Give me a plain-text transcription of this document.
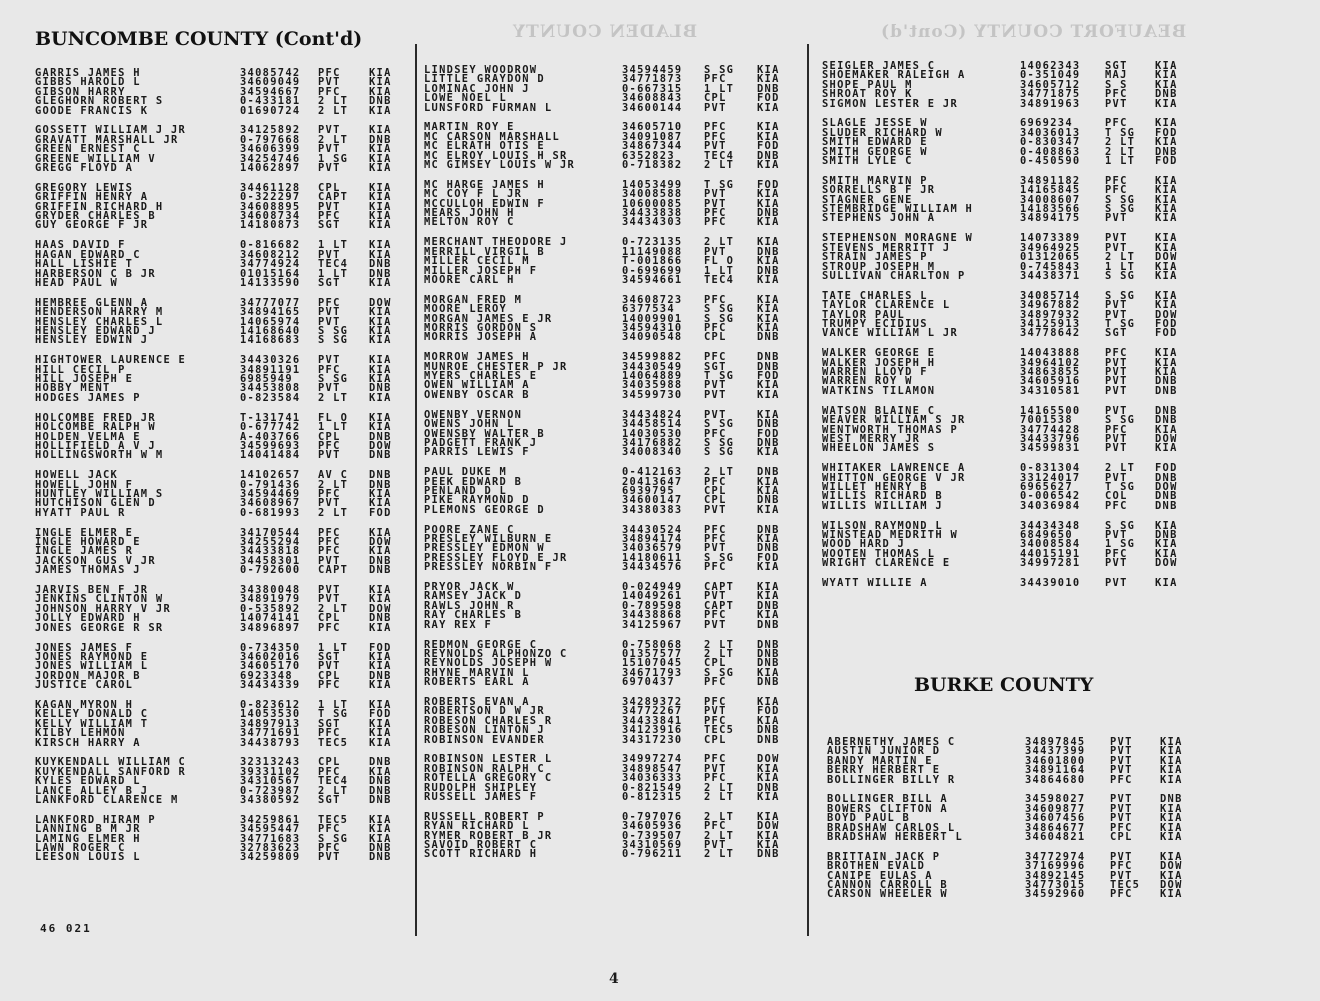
BLADEN COUNTY	BEAUFORT COUNTY (Cont'd)
BUNCOMBE COUNTY (Cont'd)
BURKE COUNTY
GARRIS JAMES H	34085742 PFC	KIA
GIBBS HAROLD L	34609049 PVT	KIA
GIBSON HARRY	34594667 PFC	KIA
GLEGHORN ROBERT S	0-433181 2 LT DNB
GOODE FRANCIS K	01690724 2 LT KIA
GOSSETT WILLIAM J JR	34125892 PVT	KIA
GRAVATT MARSHALL JR	0-797668 2 LT DNB
GREEN ERNEST C	34606399 PVT	KIA
GREENE WILLIAM V	34254746 1 SG KIA
GREGG FLOYD A	14062897 PVT	KIA
GREGORY LEWIS	34461128 CPL	KIA
GRIFFIN HENRY A	0-322297 CAPT KIA
GRIFFIN RICHARD H	34608895 PVT	KIA
GRYDER CHARLES B	34608734 PFC	KIA
GUY GEORGE F JR	14180873 SGT	KIA
HAAS DAVID F	0-816682 1 LT KIA
HAGAN EDWARD C	34608212 PVT	KIA
HALL LISHIE T	34774924 TEC4 DNB
HARBERSON C B JR	01015164 1 LT DNB
HEAD PAUL W	14133590 SGT	KIA
HEMBREE GLENN A	34777077 PFC	DOW
HENDERSON HARRY M	34894165 PVT	KIA
HENSLEY CHARLES L	14065974 PVT	KIA
HENSLEY EDWARD J	14168640 S SG KIA
HENSLEY EDWIN J	14168683 S SG KIA
HIGHTOWER LAURENCE E	34430326 PVT	KIA
HILL CECIL P	34891191 PFC	KIA
HILL JOSEPH E	6985949 S SG KIA
HOBBY MENT	34453808 PVT	DNB
HODGES JAMES P	0-823584 2 LT KIA
HOLCOMBE FRED JR	T-131741 FL O KIA
HOLCOMBE RALPH W	0-677742 1 LT KIA
HOLDEN VELMA E	A-403766 CPL	DNB
HOLLIFIELD A V J	34599693 PFC	DOW
HOLLINGSWORTH W M	14041484 PVT	DNB
HOWELL JACK	14102657 AV C DNB
HOWELL JOHN F	0-791436 2 LT DNB
HUNTLEY WILLIAM S	34594469 PFC	KIA
HUTCHISON GLEN D	34608967 PVT	KIA
HYATT PAUL R	0-681993 2 LT FOD
INGLE ELMER E	34170544 PFC	KIA
INGLE HOWARD E	34255294 PFC	DOW
INGLE JAMES R	34433818 PFC	KIA
JACKSON GUS V JR	34458301 PVT	DNB
JAMES THOMAS J	0-792600 CAPT DNB
JARVIS BEN F JR	34380048 PVT	KIA
JENKINS CLINTON W	34891979 PVT	KIA
JOHNSON HARRY V JR	0-535892 2 LT DOW
JOLLY EDWARD H	14074141 CPL	DNB
JONES GEORGE R SR	34896897 PFC	KIA
JONES JAMES F	0-734350 1 LT FOD
JONES RAYMOND E	34602016 SGT	KIA
JONES WILLIAM L	34605170 PVT	KIA
JORDON MAJOR B	6923348 CPL	DNB
JUSTICE CAROL	34434339 PFC	KIA
KAGAN MYRON H	0-823612 1 LT KIA
KELLEY DONALD C	14053530 T SG FOD
KELLY WILLIAM T	34897913 SGT	KIA
KILBY LEHMON	34771691 PFC	KIA
KIRSCH HARRY A	34438793 TEC5 KIA
KUYKENDALL WILLIAM C	32313243 CPL	DNB
KUYKENDALL SANFORD R	39331102 PFC	KIA
KYLES EDWARD L	34310567 TEC4 DNB
LANCE ALLEY B J	0-723987 2 LT DNB
LANKFORD CLARENCE M	34380592 SGT	DNB
LANKFORD HIRAM P	34259861 TEC5 KIA
LANNING B M JR	34595447 PFC	KIA
LAMING ELMER H	34771683 S SG KIA
LAWN ROGER C	32783623 PFC	DNB
LEESON LOUIS L	34259809 PVT	DNB
LINDSEY WOODROW	34594459 S SG KIA
LITTLE GRAYDON D	34771873 PFC	KIA
LOMINAC JOHN J	0-667315 1 LT DNB
LOWE NOEL L	34608843 CPL	FOD
LUNSFORD FURMAN L	34600144 PVT	KIA
MARTIN ROY E	34605710 PFC	KIA
MC CARSON MARSHALL	34091087 PFC	KIA
MC ELRATH OTIS E	34867344 PVT	FOD
MC ELROY LOUIS H SR	6352823	TEC4 DNB
MC GIMSEY LOUIS W JR	0-718382 2 LT KIA
MC HARGE JAMES H	14053499 T SG FOD
MC COY F L JR	34008588 PVT	KIA
MCCULLOH EDWIN F	10600085 PVT	KIA
MEARS JOHN H	34433838 PFC	DNB
MELTON ROY C	34434303 PFC	KIA
MERCHANT THEODORE J	0-723135 2 LT KIA
MERRILL VIRGIL B	11149088 PVT	DNB
MILLER CECIL M	T-001866 FL O KIA
MILLER JOSEPH F	0-699699 1 LT DNB
MOORE CARL H	34594661 TEC4 KIA
MORGAN FRED M	34608723 PFC	KIA
MOORE LEROY	6377534	S SG KIA
MORGAN JAMES E JR	14009901 S SG KIA
MORRIS GORDON S	34594310 PFC	KIA
MORRIS JOSEPH A	34090548 CPL	DNB
MORROW JAMES H	34599882 PFC	DNB
MUNROE CHESTER P JR	34430549 SGT	DNB
MYERS CHARLES E	14064889 T SG FOD
OWEN WILLIAM A	34035988 PVT	KIA
OWENBY OSCAR B	34599730 PVT	KIA
OWENBY VERNON	34434824 PVT	KIA
OWENS JOHN L	34458514 S SG DNB
OWENSBY WALTER B	14030530 PFC	FOD
PADGETT FRANK J	34176882 S SG DNB
PARRIS LEWIS F	34008340 S SG KIA
PAUL DUKE M	0-412163 2 LT DNB
PEEK EDWARD B	20413647 PFC	KIA
PENLAND D L	6939795	CPL	KIA
PIKE RAYMOND D	34600147 CPL	DNB
PLEMONS GEORGE D	34380383 PVT	KIA
POORE ZANE C	34430524 PFC	DNB
PRESLEY WILBURN E	34894174 PFC	KIA
PRESSLEY EDMON W	34036579 PVT	DNB
PRESSLEY FLOYD E JR	14180611 S SG FOD
PRESSLEY NORBIN F	34434576 PFC	KIA
PRYOR JACK W	0-024949 CAPT KIA
RAMSEY JACK D	14049261 PVT	KIA
RAWLS JOHN R	0-789598 CAPT DNB
RAY CHARLES B	34438868 PFC	KIA
RAY REX F	34125967 PVT	DNB
REDMON GEORGE C	0-758068 2 LT DNB
REYNOLDS ALPHONZO C	01357577 2 LT DNB
REYNOLDS JOSEPH W	15107045 CPL	DNB
RHYNE MARVIN L	34671793 S SG KIA
ROBERTS EARL A	6970437	PFC	DNB
ROBERTS EVAN A	34289372 PFC	KIA
ROBERTSON D W JR	34772267 PVT	FOD
ROBESON CHARLES R	34433841 PFC	KIA
ROBESON LINTON J	34123916 TEC5 DNB
ROBINSON EVANDER	34317230 CPL	DNB
ROBINSON LESTER L	34997274 PFC	DOW
ROBINSON RALPH C	34898547 PVT	KIA
ROTELLA GREGORY C	34036333 PFC	KIA
RUDOLPH SHIPLEY	0-821549 2 LT DNB
RUSSELL JAMES F	0-812315 2 LT KIA
RUSSELL ROBERT P	0-797076 2 LT KIA
RYAN RICHARD L	34605936 PFC	DOW
RYMER ROBERT B JR	0-739507 2 LT KIA
SAVOID ROBERT C	34310569 PVT	KIA
SCOTT RICHARD H	0-796211 2 LT DNB
SEIGLER JAMES C	14062343 SGT	KIA
SHOEMAKER RALEIGH A	0-351049 MAJ	KIA
SHOPE PAUL M	34605712 S S	KIA
SHROAT ROY K	34771875 PFC	DNB
SIGMON LESTER E JR	34891963 PVT	KIA
SLAGLE JESSE W	6969234	PFC	KIA
SLUDER RICHARD W	34036013 T SG FOD
SMITH EDWARD E	0-830347 2 LT KIA
SMITH GEORGE W	0-408863 2 LT DNB
SMITH LYLE C	0-450590 1 LT FOD
SMITH MARVIN P	34891182 PFC	KIA
SORRELLS B F JR	14165845 PFC	KIA
STAGNER GENE	34008607 S SG KIA
STEMBRIDGE WILLIAM H	14183566 S SG KIA
STEPHENS JOHN A	34894175 PVT	KIA
STEPHENSON MORAGNE W	14073389 PVT	KIA
STEVENS MERRITT J	34964925 PVT	KIA
STRAIN JAMES P	01312065 2 LT DOW
STROUP JOSEPH M	0-745843 1 LT KIA
SULLIVAN CHARLTON P	34438371 S SG KIA
TATE CHARLES L	34085714 S SG KIA
TAYLOR CLARENCE L	34967882 PVT	KIA
TAYLOR PAUL	34897932 PVT	DOW
TRUMPY ECIDIUS	34125913 T SG FOD
VANCE WILLIAM L JR	34778642 SGT	FOD
WALKER GEORGE E	14043888 PFC	KIA
WALKER JOSEPH H	34964102 PVT	KIA
WARREN LLOYD F	34863855 PVT	KIA
WARREN ROY W	34605916 PVT	DNB
WATKINS TILAMON	34310581 PVT	DNB
WATSON BLAINE C	14165500 PVT	DNB
WEAVER WILLIAM S JR	7001538	S SG DNB
WENTWORTH THOMAS P	34774428 PFC	KIA
WEST MERRY JR	34433796 PVT	DOW
WHEELON JAMES S	34599831 PVT	KIA
WHITAKER LAWRENCE A	0-831304 2 LT FOD
WHITTON GEORGE V JR	33124017 PVT	DNB
WILLET HENRY B	6965627	T SG DOW
WILLIS RICHARD B	0-006542 COL	DNB
WILLIS WILLIAM J	34036984 PFC	DNB
WILSON RAYMOND L	34434348 S SG KIA
WINSTEAD MEDRITH W	6849650	PVT	DNB
WOOD HARD J	34008584 1 SG KIA
WOOTEN THOMAS L	44015191 PFC	KIA
WRIGHT CLARENCE E	34997281 PVT	DOW
WYATT WILLIE A	34439010 PVT	KIA
ABERNETHY JAMES C	34897845 PVT	KIA
AUSTIN JUNIOR D	34437399 PVT	KIA
BANDY MARTIN E	34601800 PVT	KIA
BERRY HERBERT E	34891164 PVT	KIA
BOLLINGER BILLY R	34864680 PFC	KIA
BOLLINGER BILL A	34598027 PVT	DNB
BOWERS CLIFTON A	34609877 PVT	KIA
BOYD PAUL B	34607456 PVT	KIA
BRADSHAW CARLOS L	34864677 PFC	KIA
BRADSHAW HERBERT L	34604821 CPL	KIA
BRITTAIN JACK P	34772974 PVT	KIA
BROTHEN EVALD	37169996 PFC	DOW
CANIPE EULAS A	34892145 PVT	KIA
CANNON CARROLL B	34773015 TEC5 DOW
CARSON WHEELER W	34592960 PFC	KIA
46 021
4
